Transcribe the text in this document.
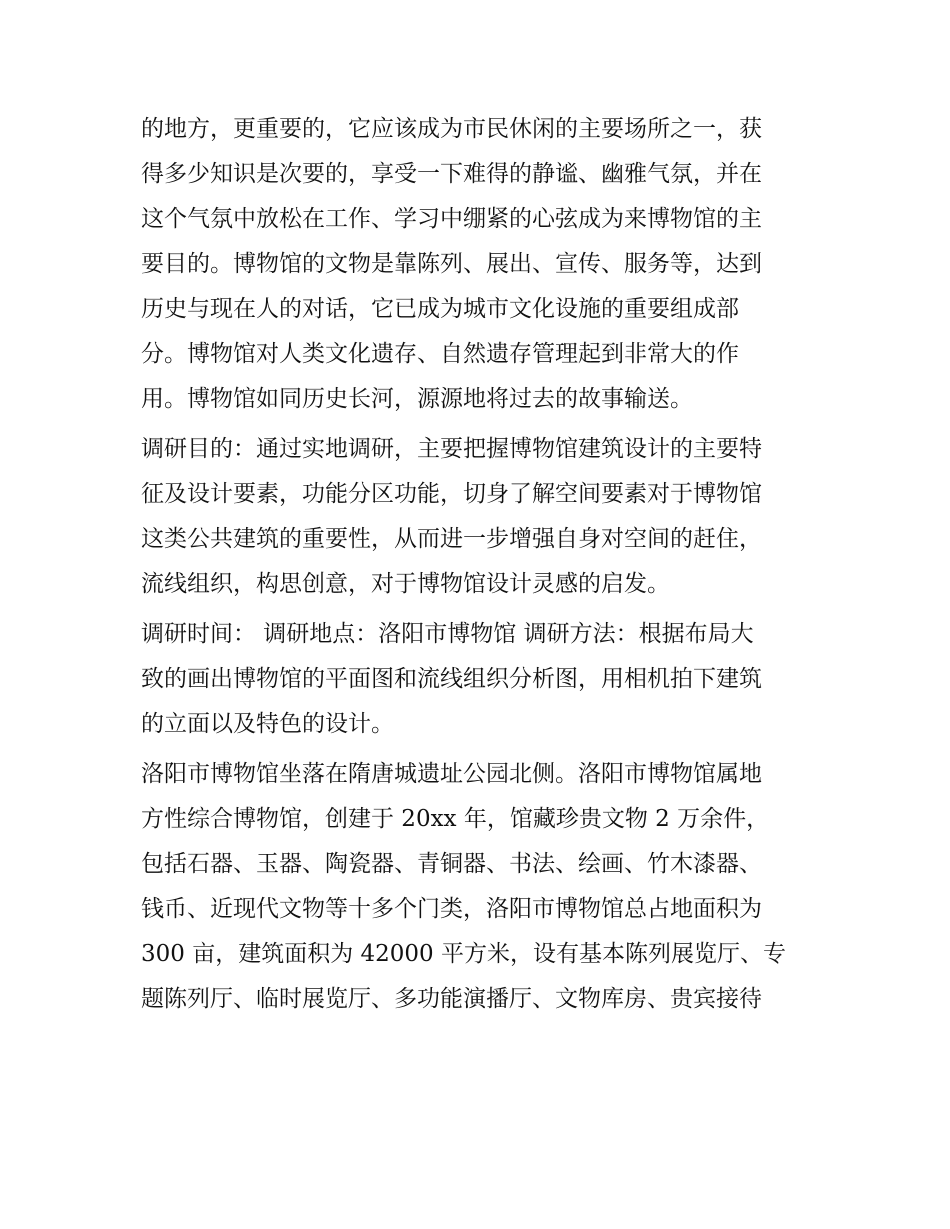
的地方，更重要的，它应该成为市民休闲的主要场所之一，获
得多少知识是次要的，享受一下难得的静谧、幽雅气氛，并在
这个气氛中放松在工作、学习中绷紧的心弦成为来博物馆的主
要目的。博物馆的文物是靠陈列、展出、宣传、服务等，达到
历史与现在人的对话，它已成为城市文化设施的重要组成部
分。博物馆对人类文化遗存、自然遗存管理起到非常大的作
用。博物馆如同历史长河，源源地将过去的故事输送。
调研目的：通过实地调研，主要把握博物馆建筑设计的主要特
征及设计要素，功能分区功能，切身了解空间要素对于博物馆
这类公共建筑的重要性，从而进一步增强自身对空间的赶住，
流线组织，构思创意，对于博物馆设计灵感的启发。
调研时间： 调研地点：洛阳市博物馆 调研方法：根据布局大
致的画出博物馆的平面图和流线组织分析图，用相机拍下建筑
的立面以及特色的设计。
洛阳市博物馆坐落在隋唐城遗址公园北侧。洛阳市博物馆属地
方性综合博物馆，创建于 20xx 年，馆藏珍贵文物 2 万余件，
包括石器、玉器、陶瓷器、青铜器、书法、绘画、竹木漆器、
钱币、近现代文物等十多个门类，洛阳市博物馆总占地面积为
300 亩，建筑面积为 42000 平方米，设有基本陈列展览厅、专
题陈列厅、临时展览厅、多功能演播厅、文物库房、贵宾接待
